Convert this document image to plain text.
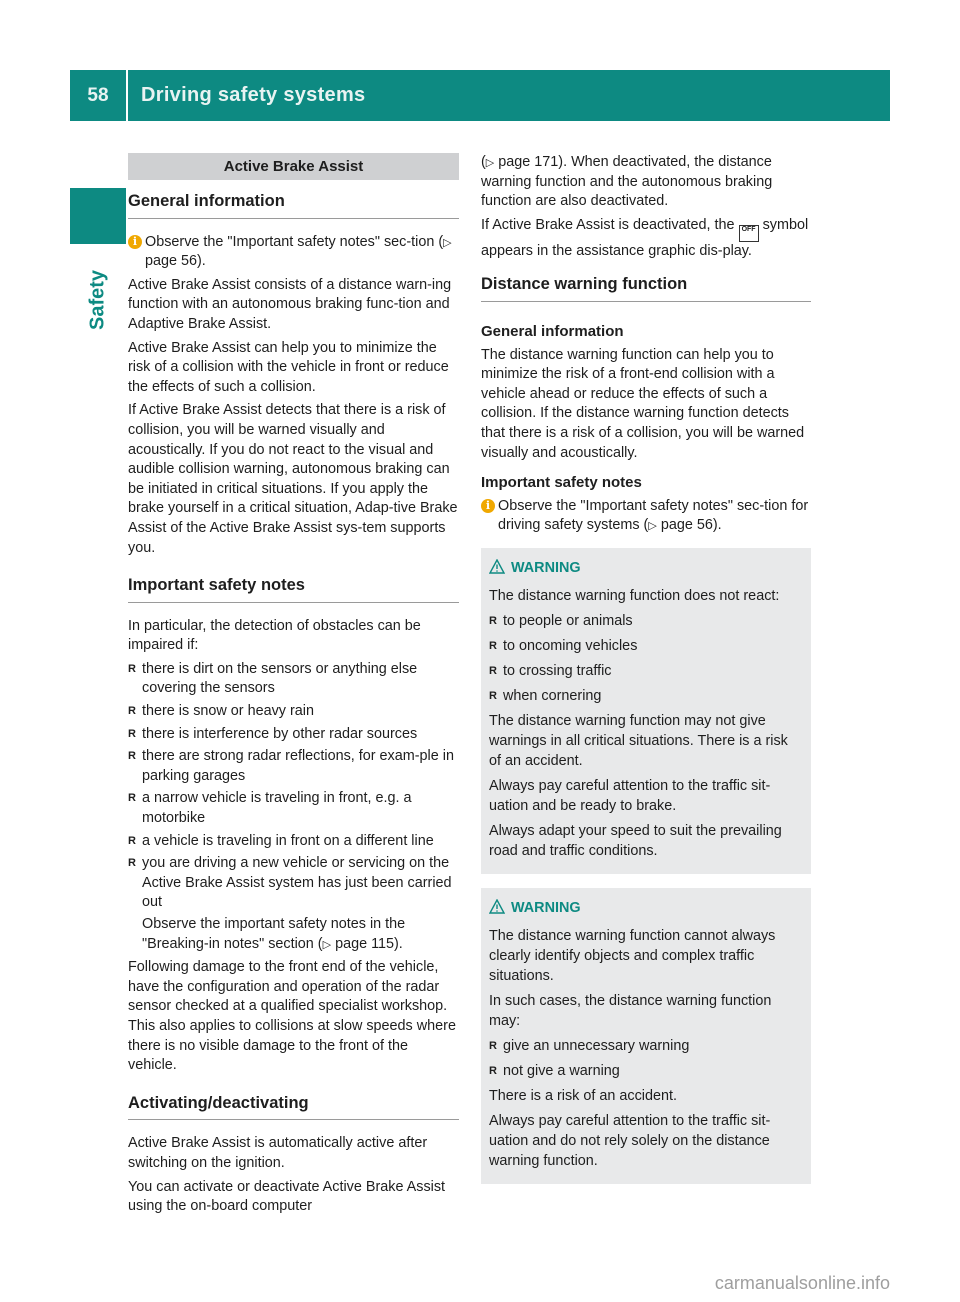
58	Driving safety systems
Safety
Active Brake Assist
General information
i Observe the "Important safety notes" sec-tion (▷ page 56).

Active Brake Assist consists of a distance warn-ing function with an autonomous braking func-tion and Adaptive Brake Assist.

Active Brake Assist can help you to minimize the risk of a collision with the vehicle in front or reduce the effects of such a collision.

If Active Brake Assist detects that there is a risk of collision, you will be warned visually and acoustically. If you do not react to the visual and audible collision warning, autonomous braking can be initiated in critical situations. If you apply the brake yourself in a critical situation, Adap-tive Brake Assist of the Active Brake Assist sys-tem supports you.

Important safety notes

In particular, the detection of obstacles can be impaired if:

R there is dirt on the sensors or anything else covering the sensors
R there is snow or heavy rain
R there is interference by other radar sources
R there are strong radar reflections, for exam-ple in parking garages
R a narrow vehicle is traveling in front, e.g. a motorbike
R a vehicle is traveling in front on a different line
R you are driving a new vehicle or servicing on the Active Brake Assist system has just been carried out
Observe the important safety notes in the "Breaking-in notes" section (▷ page 115).

Following damage to the front end of the vehicle, have the configuration and operation of the radar sensor checked at a qualified specialist workshop. This also applies to collisions at slow speeds where there is no visible damage to the front of the vehicle.

Activating/deactivating

Active Brake Assist is automatically active after switching on the ignition.

You can activate or deactivate Active Brake Assist using the on-board computer

(▷ page 171). When deactivated, the distance warning function and the autonomous braking function are also deactivated.

If Active Brake Assist is deactivated, the OFF symbol appears in the assistance graphic dis-play.

Distance warning function
General information

The distance warning function can help you to minimize the risk of a front-end collision with a vehicle ahead or reduce the effects of such a collision. If the distance warning function detects that there is a risk of a collision, you will be warned visually and acoustically.

Important safety notes
i Observe the "Important safety notes" sec-tion for driving safety systems (▷ page 56).

WARNING

The distance warning function does not react:

R to people or animals
R to oncoming vehicles
R to crossing traffic
R when cornering

The distance warning function may not give warnings in all critical situations. There is a risk of an accident.

Always pay careful attention to the traffic sit-uation and be ready to brake.

Always adapt your speed to suit the prevailing road and traffic conditions.

WARNING

The distance warning function cannot always clearly identify objects and complex traffic situations.

In such cases, the distance warning function may:

R give an unnecessary warning
R not give a warning

There is a risk of an accident.

Always pay careful attention to the traffic sit-uation and do not rely solely on the distance warning function.

carmanualsonline.info
